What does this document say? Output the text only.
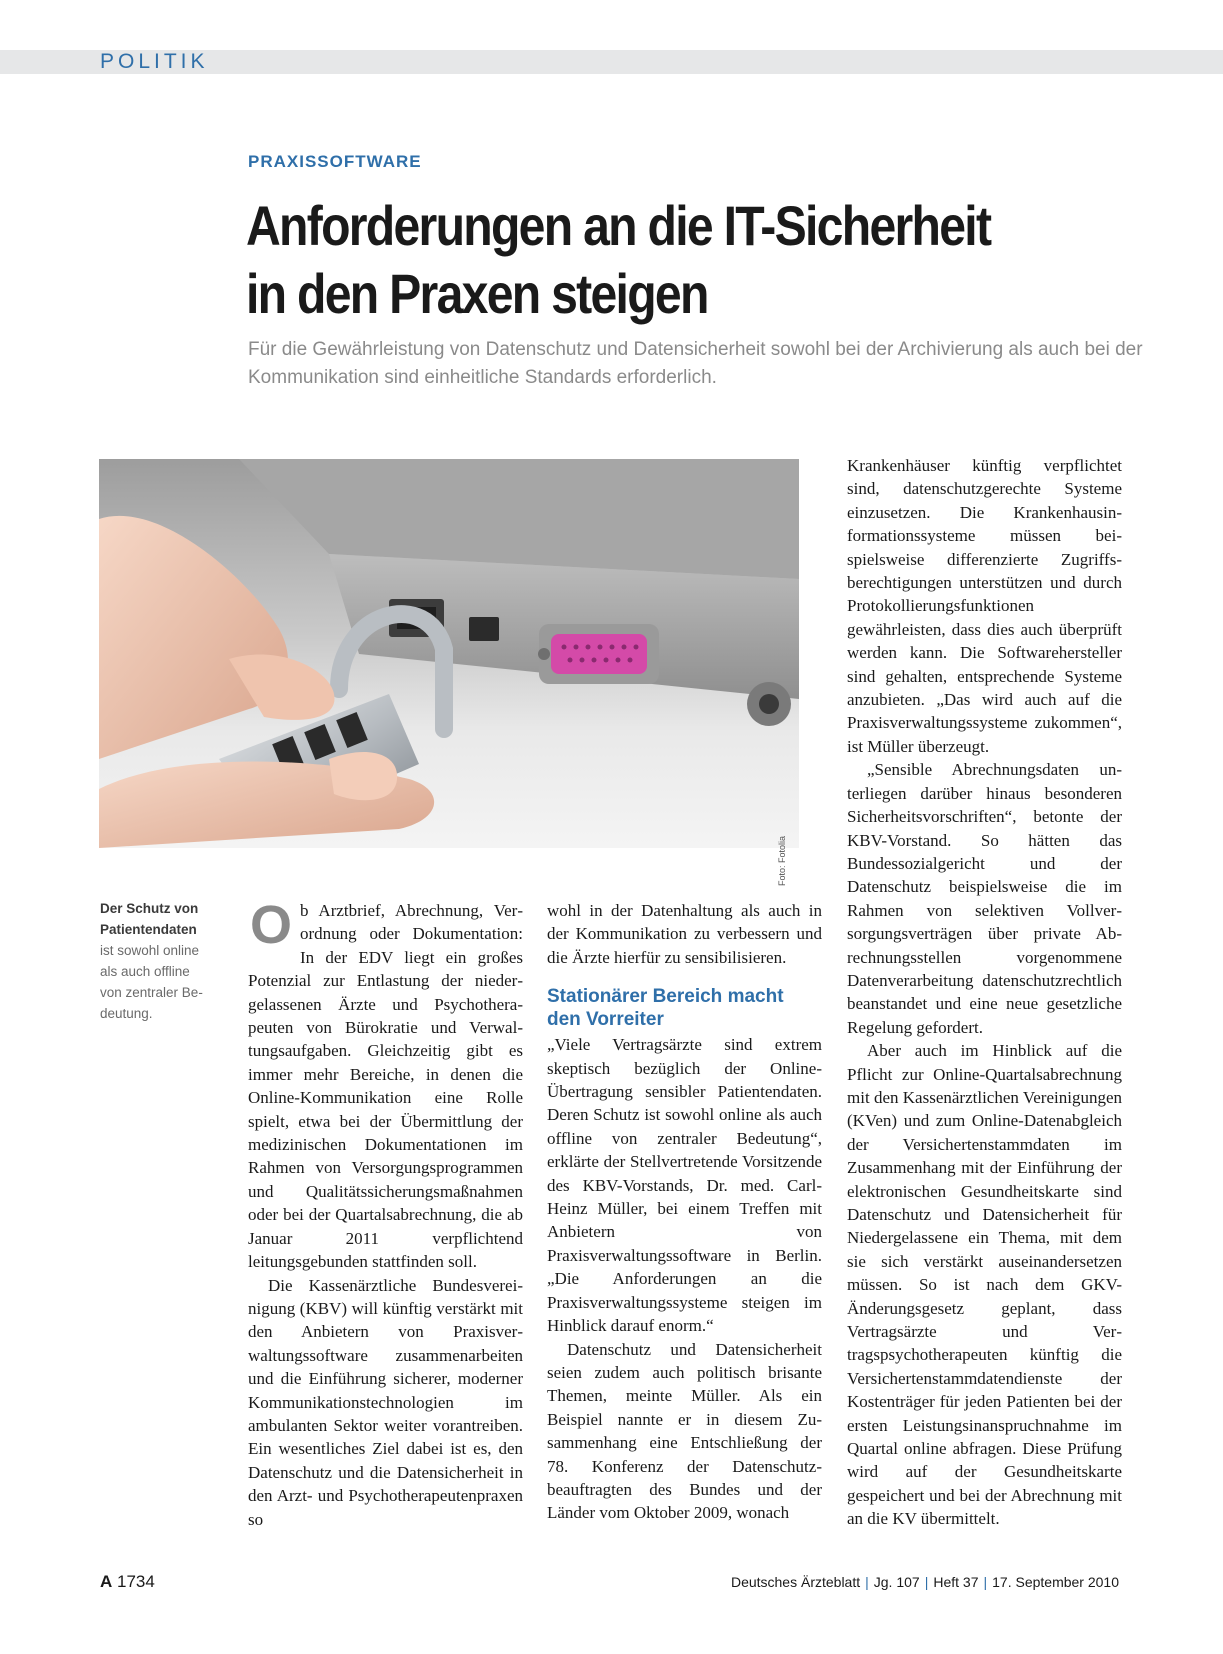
POLITIK
PRAXISSOFTWARE
Anforderungen an die IT-Sicherheit
in den Praxen steigen

Für die Gewährleistung von Datenschutz und Datensicherheit sowohl bei der Archivierung als auch bei der Kommunikation sind einheitliche Standards erforderlich.

Foto: Fotolia
Der Schutz von Patientendaten
ist sowohl online als auch offline von zentraler Bedeutung.

Ob Arztbrief, Abrechnung, Verordnung oder Dokumentation: In der EDV liegt ein großes Potenzial zur Entlastung der niedergelassenen Ärzte und Psychotherapeuten von Bürokratie und Verwaltungsaufgaben. Gleichzeitig gibt es immer mehr Bereiche, in denen die Online-Kommunikation eine Rolle spielt, etwa bei der Übermittlung der medizinischen Dokumentationen im Rahmen von Versorgungsprogrammen und Qualitätssicherungsmaßnahmen oder bei der Quartalsabrechnung, die ab Januar 2011 verpflichtend leitungsgebunden stattfinden soll.

Die Kassenärztliche Bundesvereinigung (KBV) will künftig verstärkt mit den Anbietern von Praxisverwaltungssoftware zusammenarbeiten und die Einführung sicherer, moderner Kommunikationstechnologien im ambulanten Sektor weiter vorantreiben. Ein wesentliches Ziel dabei ist es, den Datenschutz und die Datensicherheit in den Arzt- und Psychotherapeutenpraxen so

wohl in der Datenhaltung als auch in der Kommunikation zu verbessern und die Ärzte hierfür zu sensibilisieren.

Stationärer Bereich macht den Vorreiter

„Viele Vertragsärzte sind extrem skeptisch bezüglich der Online-Übertragung sensibler Patientendaten. Deren Schutz ist sowohl online als auch offline von zentraler Bedeutung“, erklärte der Stellvertretende Vorsitzende des KBV-Vorstands, Dr. med. Carl-Heinz Müller, bei einem Treffen mit Anbietern von Praxisverwaltungssoftware in Berlin. „Die Anforderungen an die Praxisverwaltungssysteme steigen im Hinblick darauf enorm.“

Datenschutz und Datensicherheit seien zudem auch politisch brisante Themen, meinte Müller. Als ein Beispiel nannte er in diesem Zusammenhang eine Entschließung der 78. Konferenz der Datenschutzbeauftragten des Bundes und der Länder vom Oktober 2009, wonach

Krankenhäuser künftig verpflichtet sind, datenschutzgerechte Systeme einzusetzen. Die Krankenhausinformationssysteme müssen beispielsweise differenzierte Zugriffsberechtigungen unterstützen und durch Protokollierungsfunktionen gewährleisten, dass dies auch überprüft werden kann. Die Softwarehersteller sind gehalten, entsprechende Systeme anzubieten. „Das wird auch auf die Praxisverwaltungssysteme zukommen“, ist Müller überzeugt.

„Sensible Abrechnungsdaten unterliegen darüber hinaus besonderen Sicherheitsvorschriften“, betonte der KBV-Vorstand. So hätten das Bundessozialgericht und der Datenschutz beispielsweise die im Rahmen von selektiven Vollversorgungsverträgen über private Abrechnungsstellen vorgenommene Datenverarbeitung datenschutzrechtlich beanstandet und eine neue gesetzliche Regelung gefordert.

Aber auch im Hinblick auf die Pflicht zur Online-Quartalsabrechnung mit den Kassenärztlichen Vereinigungen (KVen) und zum Online-Datenabgleich der Versichertenstammdaten im Zusammenhang mit der Einführung der elektronischen Gesundheitskarte sind Datenschutz und Datensicherheit für Niedergelassene ein Thema, mit dem sie sich verstärkt auseinandersetzen müssen. So ist nach dem GKV-Änderungsgesetz geplant, dass Vertragsärzte und Vertragspsychotherapeuten künftig die Versichertenstammdatendienste der Kostenträger für jeden Patienten bei der ersten Leistungsinanspruchnahme im Quartal online abfragen. Diese Prüfung wird auf der Gesundheitskarte gespeichert und bei der Abrechnung mit an die KV übermittelt.

A 1734	Deutsches Ärzteblatt | Jg. 107 | Heft 37 | 17. September 2010
